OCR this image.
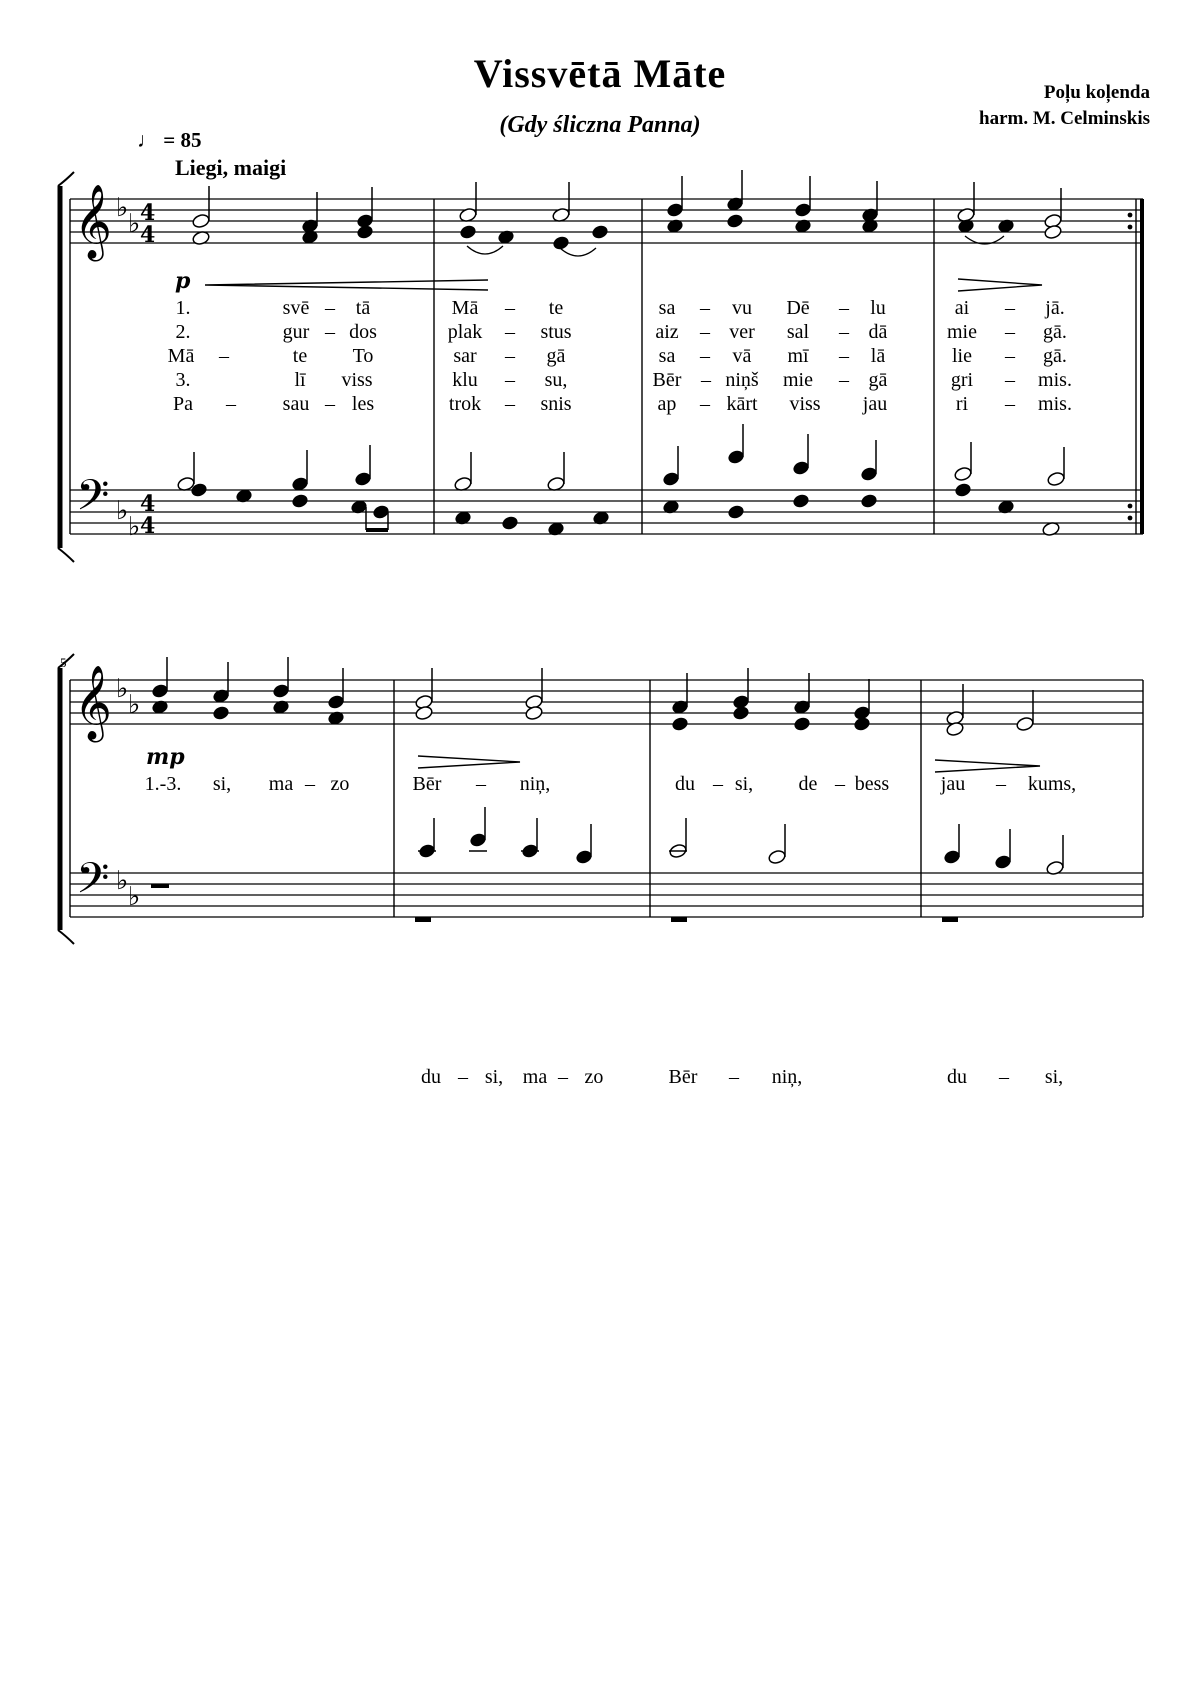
Vissvētā Māte
(Gdy śliczna Panna)
Poļu koļenda
harm. M. Celminskis
♩ = 85
Liegi, maigi
5
𝄞
𝄢
𝄞
𝄢
♭
♭
♭
♭
♭
♭
♭
♭
4
4
4
4
p
mp
1.	svē – tā	Mā – te	sa – vu Dē – lu	ai – jā.
2.	gur – dos	plak – stus	aiz – ver sal – dā	mie – gā.
Mā –	te To	sar – gā	sa – vā mī – lā	lie – gā.
3.	lī viss	klu – su,	Bēr – niņš mie – gā	gri – mis.
Pa – sau – les	trok – snis	ap – kārt viss jau	ri – mis.
1.-3. si, ma – zo	Bēr – niņ,	du – si, de – bess	jau – kums,
du – si, ma – zo	Bēr – niņ,	du – si,
